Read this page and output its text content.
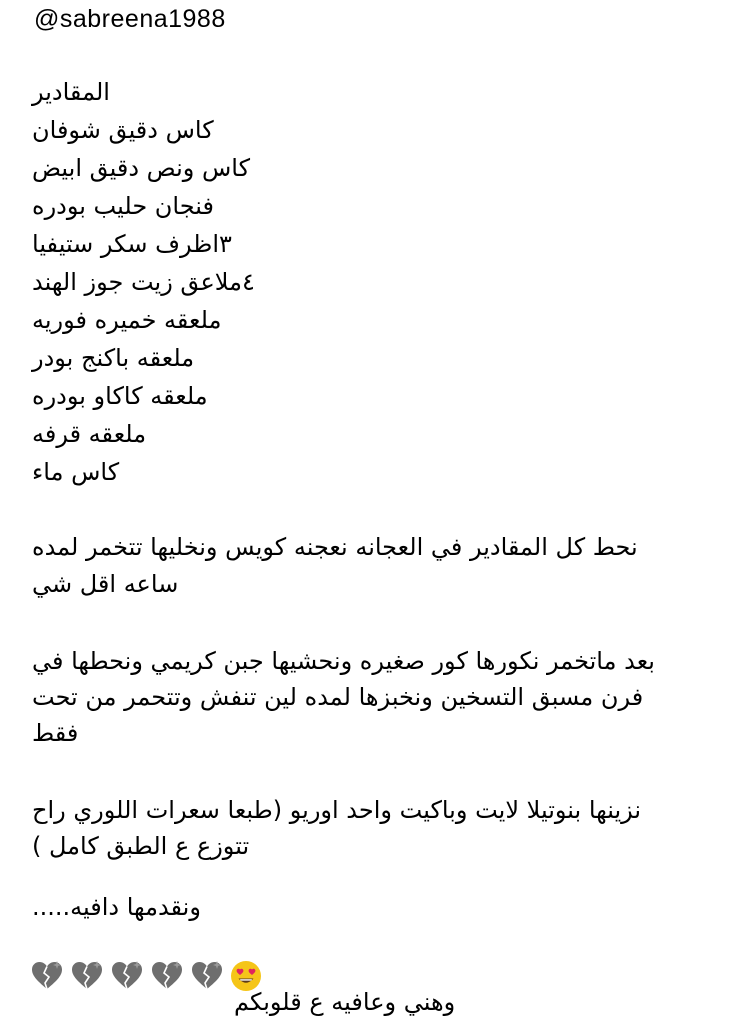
@sabreena1988

المقادير

كاس دقيق شوفان

كاس ونص دقيق ابيض

فنجان حليب بودره

٣اظرف سكر ستيفيا

٤ملاعق زيت جوز الهند

ملعقه خميره فوريه

ملعقه باكنج بودر

ملعقه كاكاو بودره

ملعقه قرفه

كاس ماء

نحط كل المقادير في العجانه نعجنه كويس ونخليها تتخمر لمده

ساعه اقل شي

بعد ماتخمر نكورها كور صغيره ونحشيها جبن كريمي ونحطها في

فرن مسبق التسخين ونخبزها لمده لين تنفش وتتحمر من تحت

فقط

نزينها بنوتيلا لايت وباكيت واحد اوريو (طبعا سعرات اللوري راح

تتوزع ع الطبق كامل )

ونقدمها دافيه.....

وهني وعافيه ع قلوبكم
